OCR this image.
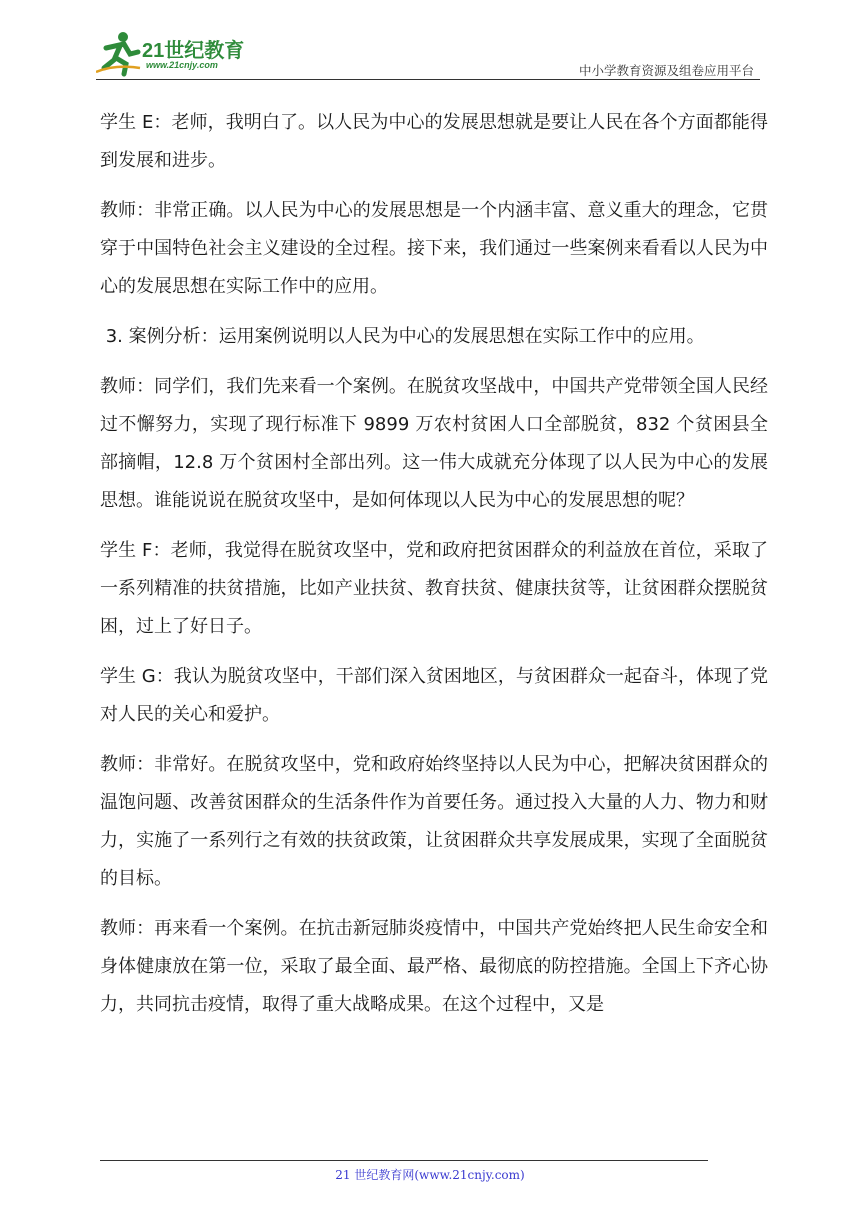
21世纪教育
www.21cnjy.com	中小学教育资源及组卷应用平台

学生 E：老师，我明白了。以人民为中心的发展思想就是要让人民在各个方面都能得到发展和进步。

教师：非常正确。以人民为中心的发展思想是一个内涵丰富、意义重大的理念，它贯穿于中国特色社会主义建设的全过程。接下来，我们通过一些案例来看看以人民为中心的发展思想在实际工作中的应用。

3. 案例分析：运用案例说明以人民为中心的发展思想在实际工作中的应用。

教师：同学们，我们先来看一个案例。在脱贫攻坚战中，中国共产党带领全国人民经过不懈努力，实现了现行标准下 9899 万农村贫困人口全部脱贫，832 个贫困县全部摘帽，12.8 万个贫困村全部出列。这一伟大成就充分体现了以人民为中心的发展思想。谁能说说在脱贫攻坚中，是如何体现以人民为中心的发展思想的呢？

学生 F：老师，我觉得在脱贫攻坚中，党和政府把贫困群众的利益放在首位，采取了一系列精准的扶贫措施，比如产业扶贫、教育扶贫、健康扶贫等，让贫困群众摆脱贫困，过上了好日子。

学生 G：我认为脱贫攻坚中，干部们深入贫困地区，与贫困群众一起奋斗，体现了党对人民的关心和爱护。

教师：非常好。在脱贫攻坚中，党和政府始终坚持以人民为中心，把解决贫困群众的温饱问题、改善贫困群众的生活条件作为首要任务。通过投入大量的人力、物力和财力，实施了一系列行之有效的扶贫政策，让贫困群众共享发展成果，实现了全面脱贫的目标。

教师：再来看一个案例。在抗击新冠肺炎疫情中，中国共产党始终把人民生命安全和身体健康放在第一位，采取了最全面、最严格、最彻底的防控措施。全国上下齐心协力，共同抗击疫情，取得了重大战略成果。在这个过程中，又是

21 世纪教育网(www.21cnjy.com)
